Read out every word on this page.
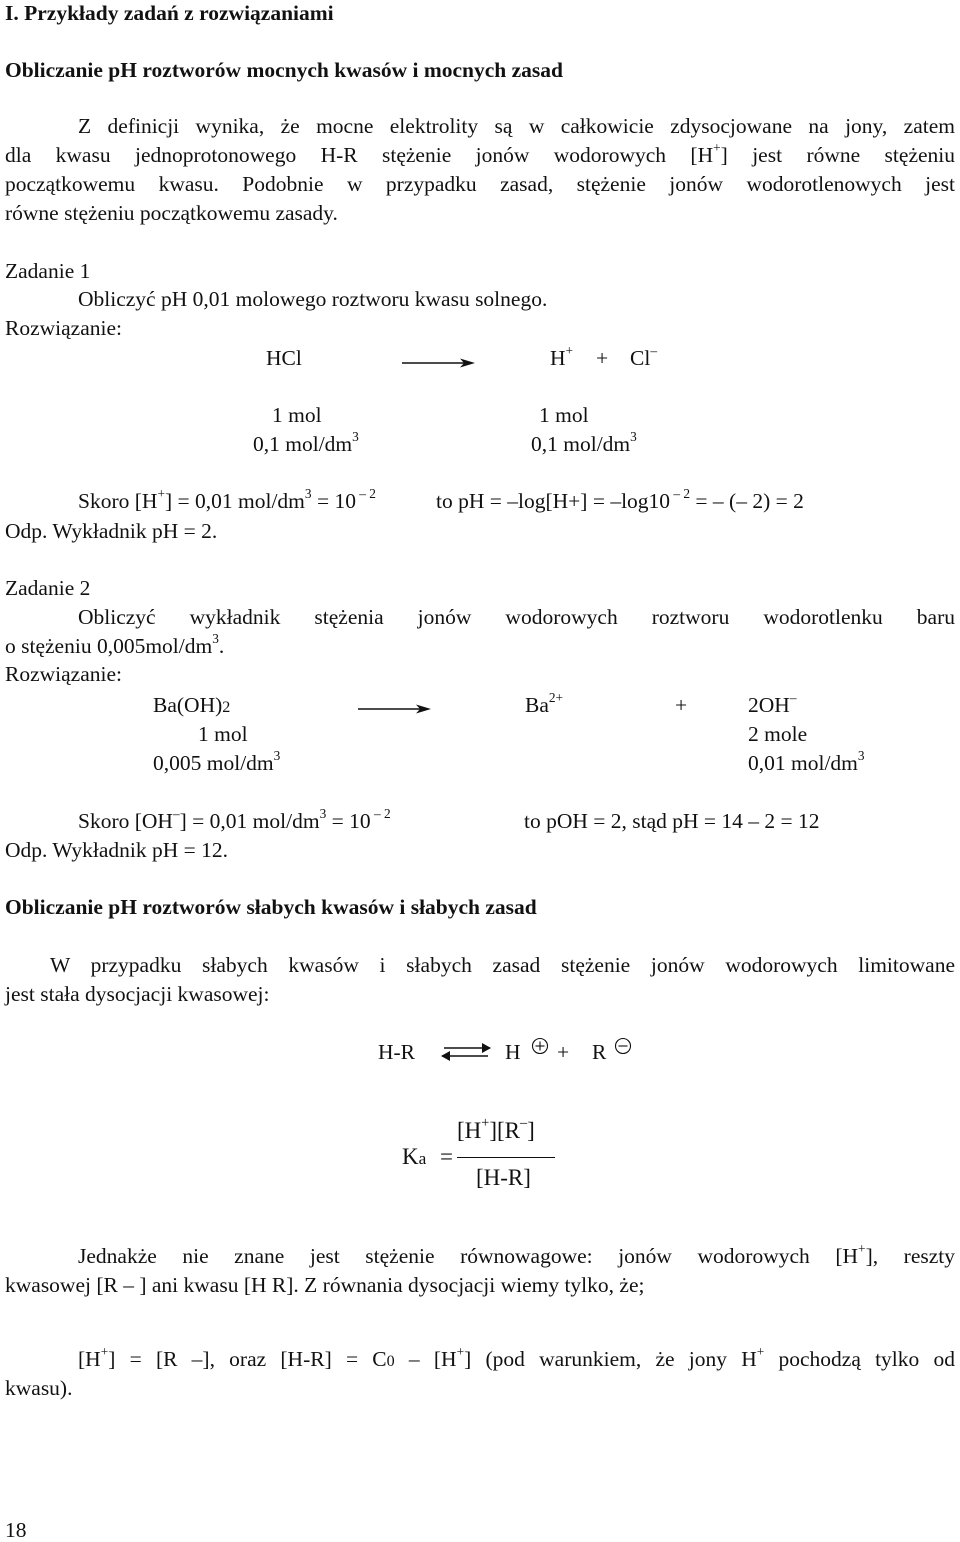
I. Przykłady zadań z rozwiązaniami
Obliczanie pH roztworów mocnych kwasów i mocnych zasad
Z definicji wynika, że mocne elektrolity są w całkowicie zdysocjowane na jony, zatem
dla kwasu jednoprotonowego H-R stężenie jonów wodorowych [H+] jest równe stężeniu
początkowemu kwasu. Podobnie w przypadku zasad, stężenie jonów wodorotlenowych jest
równe stężeniu początkowemu zasady.
Zadanie 1
Obliczyć pH 0,01 molowego roztworu kwasu solnego.
Rozwiązanie:
HCl	H+ + Cl–
1 mol	1 mol
0,1 mol/$dm^3$	0,1 mol/$dm^3$
Skoro [H+] = 0,01 mol/$dm^3 = 10$ $^{- 2}$	to pH = –log[H+] = –log10 $^{- 2}$ = – (– 2) = 2
Odp. Wykładnik pH = 2.
Zadanie 2
Obliczyć wykładnik stężenia jonów wodorowych roztworu wodorotlenku baru
o stężeniu $0,005mol/dm^3$.
Rozwiązanie:
Ba(OH)2	$Ba^{2+}$	+	2OH–
1 mol	2 mole
0,005 mol/$dm^3$	0,01 mol/$dm^3$
Skoro [OH–] = 0,01 mol/$dm^3 = 10$ $^{- 2}$	to pOH = 2, stąd pH = 14 – 2 = 12
Odp. Wykładnik pH = 12.
Obliczanie pH roztworów słabych kwasów i słabych zasad
W przypadku słabych kwasów i słabych zasad stężenie jonów wodorowych limitowane
jest stała dysocjacji kwasowej:
H-R ⇌ H + R
Ka =
[H+][R–]
[H-R]
Jednakże nie znane jest stężenie równowagowe: jonów wodorowych [H+], reszty
kwasowej [R – ] ani kwasu [H R]. Z równania dysocjacji wiemy tylko, że;
[H+] = [R –], oraz [H-R] = C0 – [H+] (pod warunkiem, że jony H+ pochodzą tylko od
kwasu).
18
